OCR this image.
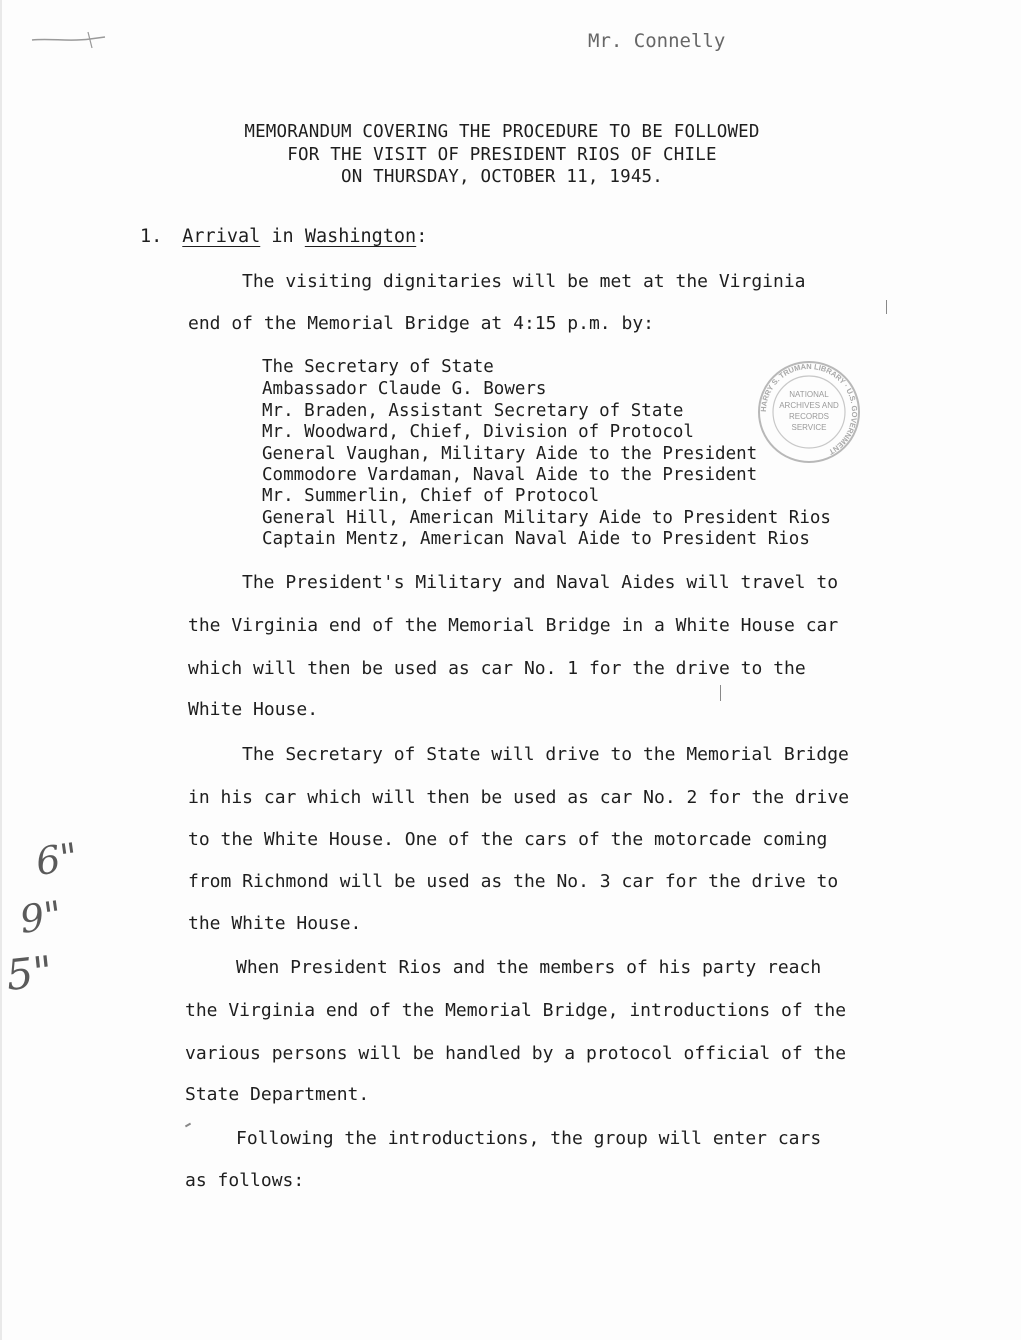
Mr. Connelly
MEMORANDUM COVERING THE PROCEDURE TO BE FOLLOWED
FOR THE VISIT OF PRESIDENT RIOS OF CHILE
ON THURSDAY, OCTOBER 11, 1945.
1. Arrival in Washington:
The visiting dignitaries will be met at the Virginia
end of the Memorial Bridge at 4:15 p.m. by:
The Secretary of State
Ambassador Claude G. Bowers
Mr. Braden, Assistant Secretary of State
Mr. Woodward, Chief, Division of Protocol
General Vaughan, Military Aide to the President
Commodore Vardaman, Naval Aide to the President
Mr. Summerlin, Chief of Protocol
General Hill, American Military Aide to President Rios
Captain Mentz, American Naval Aide to President Rios
NATIONAL
ARCHIVES AND
RECORDS
SERVICE
HARRY S. TRUMAN LIBRARY · U.S. GOVERNMENT
The President's Military and Naval Aides will travel to
the Virginia end of the Memorial Bridge in a White House car
which will then be used as car No. 1 for the drive to the
White House.
The Secretary of State will drive to the Memorial Bridge
in his car which will then be used as car No. 2 for the drive
to the White House. One of the cars of the motorcade coming
from Richmond will be used as the No. 3 car for the drive to
the White House.
When President Rios and the members of his party reach
the Virginia end of the Memorial Bridge, introductions of the
various persons will be handled by a protocol official of the
State Department.
Following the introductions, the group will enter cars
as follows:
6"
9"
5"
